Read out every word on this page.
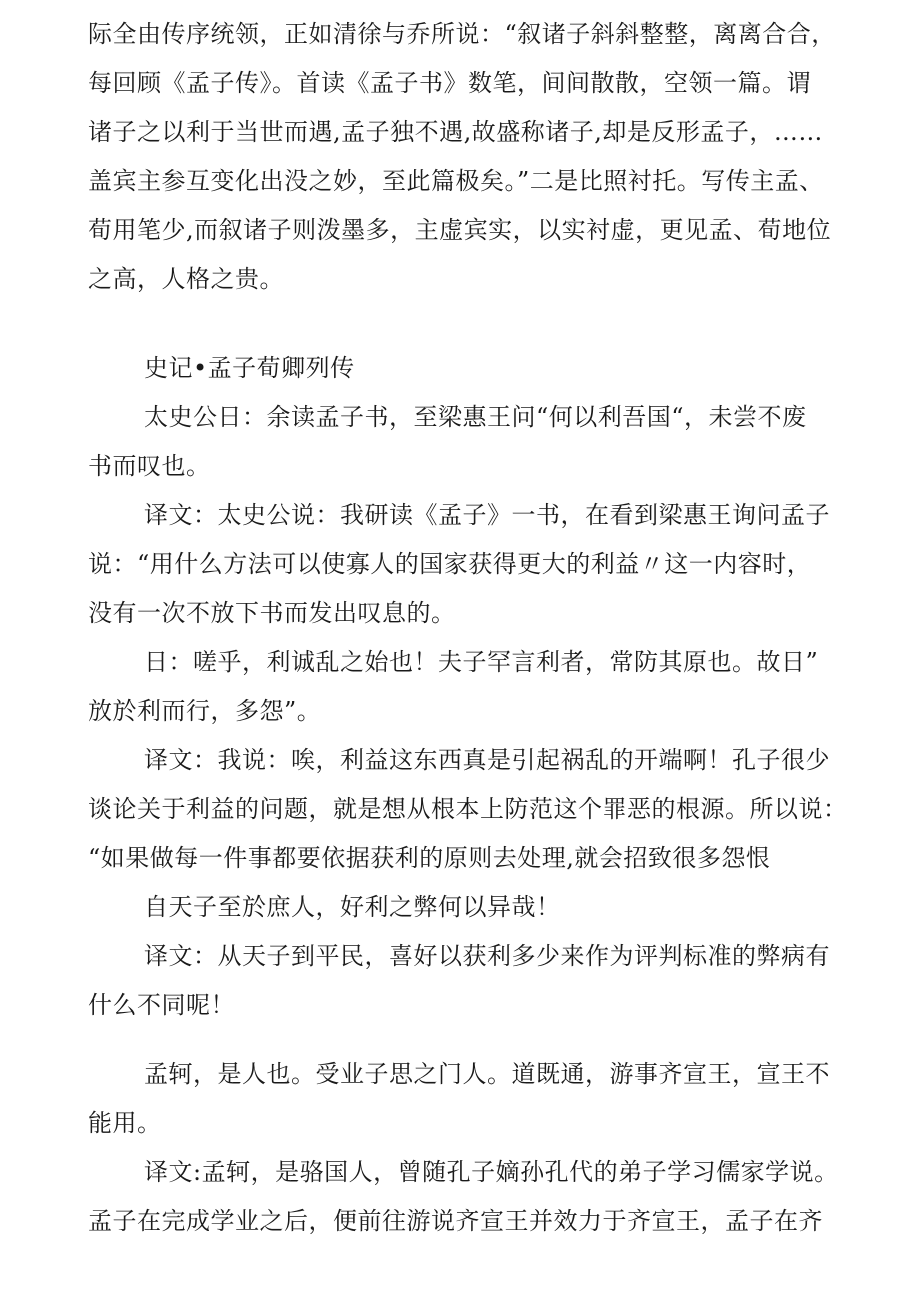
际全由传序统领，正如清徐与乔所说：“叙诸子斜斜整整，离离合合，
每回顾《孟子传》。首读《孟子书》数笔，间间散散，空领一篇。谓
诸子之以利于当世而遇,孟子独不遇,故盛称诸子,却是反形孟子，……
盖宾主参互变化出没之妙，至此篇极矣。”二是比照衬托。写传主孟、
荀用笔少,而叙诸子则泼墨多，主虚宾实，以实衬虚，更见孟、荀地位
之高，人格之贵。
史记•孟子荀卿列传
太史公日：余读孟子书，至梁惠王问“何以利吾国“，未尝不废
书而叹也。
译文：太史公说：我研读《孟子》一书，在看到梁惠王询问孟子
说：“用什么方法可以使寡人的国家获得更大的利益〃这一内容时，
没有一次不放下书而发出叹息的。
日：嗟乎，利诚乱之始也！夫子罕言利者，常防其原也。故日”
放於利而行，多怨”。
译文：我说：唉，利益这东西真是引起祸乱的开端啊！孔子很少
谈论关于利益的问题，就是想从根本上防范这个罪恶的根源。所以说：
“如果做每一件事都要依据获利的原则去处理,就会招致很多怨恨
自天子至於庶人，好利之弊何以异哉！
译文：从天子到平民，喜好以获利多少来作为评判标准的弊病有
什么不同呢！
孟轲，是人也。受业子思之门人。道既通，游事齐宣王，宣王不
能用。
译文:孟轲，是骆国人，曾随孔子嫡孙孔代的弟子学习儒家学说。
孟子在完成学业之后，便前往游说齐宣王并效力于齐宣王，孟子在齐
